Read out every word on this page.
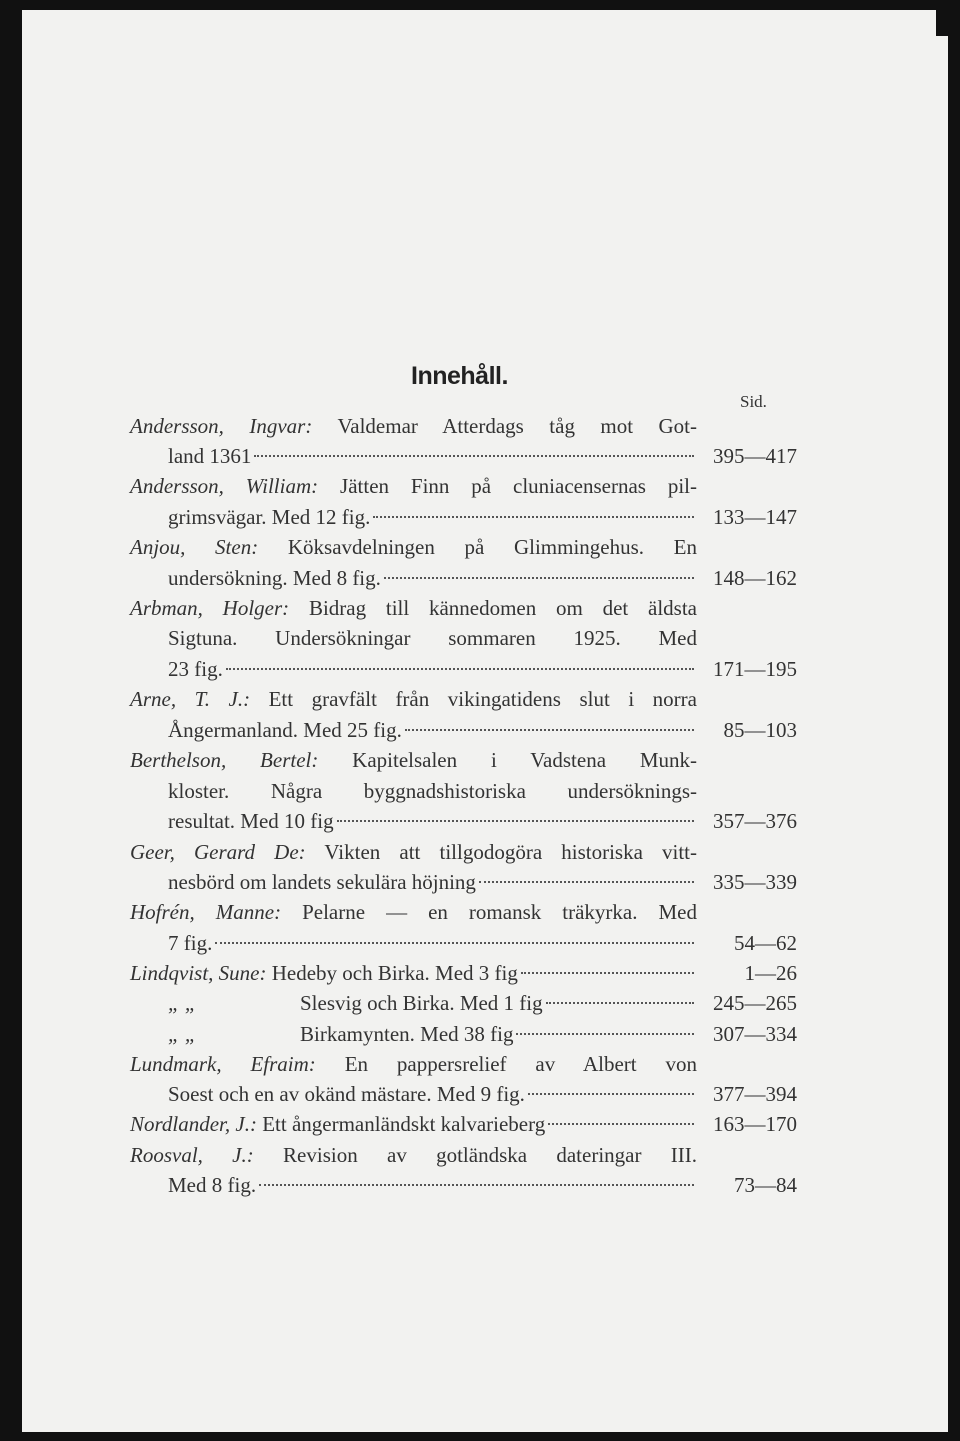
Innehåll.
Sid.
Andersson, Ingvar: Valdemar Atterdags tåg mot Got-
land 1361	395—417
Andersson, William: Jätten Finn på cluniacensernas pil-
grimsvägar. Med 12 fig.	133—147
Anjou, Sten: Köksavdelningen på Glimmingehus. En
undersökning. Med 8 fig.	148—162
Arbman, Holger: Bidrag till kännedomen om det äldsta
Sigtuna. Undersökningar sommaren 1925. Med
23 fig.	171—195
Arne, T. J.: Ett gravfält från vikingatidens slut i norra
Ångermanland. Med 25 fig.	85—103
Berthelson, Bertel: Kapitelsalen i Vadstena Munk-
kloster. Några byggnadshistoriska undersöknings-
resultat. Med 10 fig	357—376
Geer, Gerard De: Vikten att tillgodogöra historiska vitt-
nesbörd om landets sekulära höjning	335—339
Hofrén, Manne: Pelarne — en romansk träkyrka. Med
7 fig.	54—62
Lindqvist, Sune:
Hedeby och Birka. Med 3 fig	1—26
„ „	Slesvig och Birka. Med 1 fig	245—265
„ „	Birkamynten. Med 38 fig	307—334
Lundmark, Efraim: En pappersrelief av Albert von
Soest och en av okänd mästare. Med 9 fig.	377—394
Nordlander, J.:
Ett ångermanländskt kalvarieberg	163—170
Roosval, J.: Revision av gotländska dateringar III.
Med 8 fig.	73—84
